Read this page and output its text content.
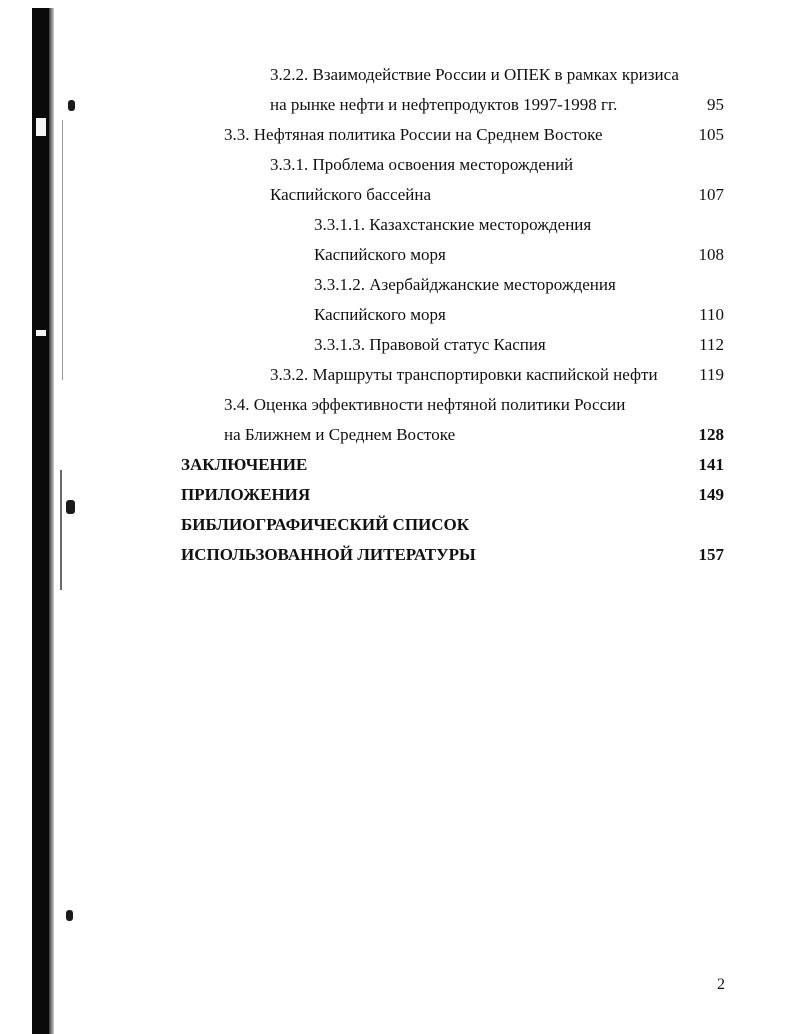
3.2.2. Взаимодействие России и ОПЕК в рамках кризиса
на рынке нефти и нефтепродуктов 1997-1998 гг.	95
3.3. Нефтяная политика России на Среднем Востоке	105
3.3.1. Проблема освоения месторождений
Каспийского бассейна	107
3.3.1.1. Казахстанские месторождения
Каспийского моря	108
3.3.1.2. Азербайджанские месторождения
Каспийского моря	110
3.3.1.3. Правовой статус Каспия	112
3.3.2. Маршруты транспортировки каспийской нефти 119
3.4. Оценка эффективности нефтяной политики России
на Ближнем и Среднем Востоке	128
ЗАКЛЮЧЕНИЕ	141
ПРИЛОЖЕНИЯ	149
БИБЛИОГРАФИЧЕСКИЙ СПИСОК
ИСПОЛЬЗОВАННОЙ ЛИТЕРАТУРЫ	157
2
